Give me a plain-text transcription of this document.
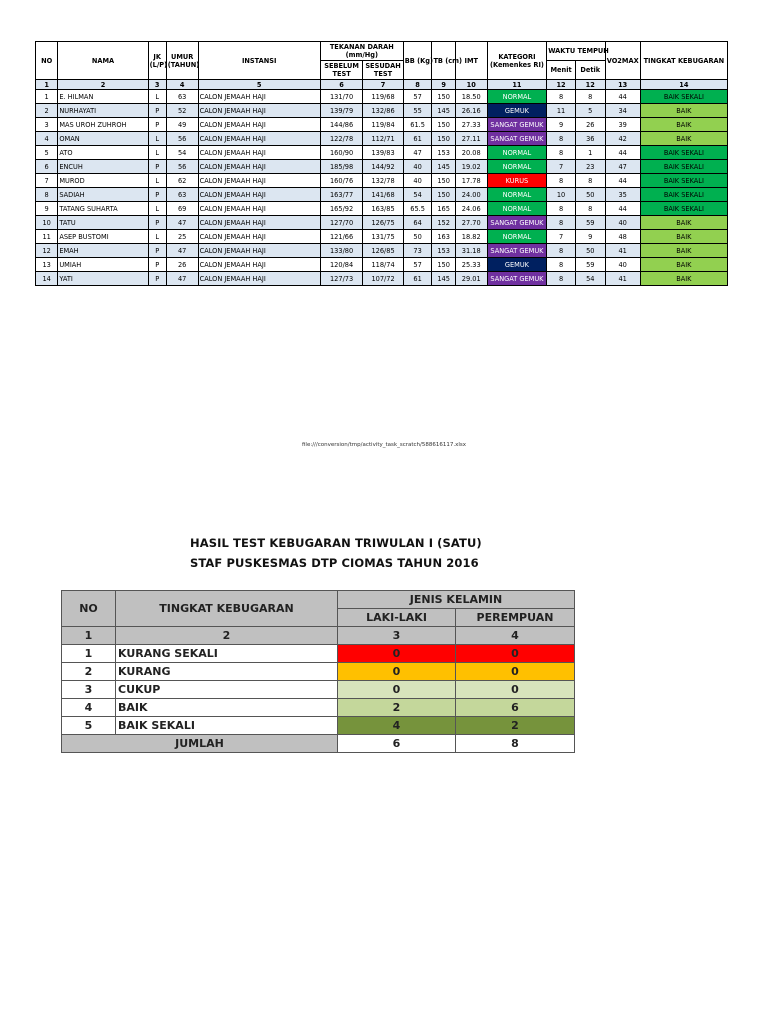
NO	NAMA	JK (L/P)	UMUR (TAHUN)	INSTANSI	TEKANAN DARAH (mm/Hg)		BB (Kg)	TB (cm)	IMT	KATEGORI (Kemenkes RI)	WAKTU TEMPUH		VO2MAX	TINGKAT KEBUGARAN
					SEBELUM TEST	SESUDAH TEST					Menit	Detik		
1	2	3	4	5	6	7	8	9	10	11	12	12	13	14
1	E. HILMAN	L	63	CALON JEMAAH HAJI	131/70	119/68	57	150	18.50	NORMAL	8	8	44	BAIK SEKALI
2	NURHAYATI	P	52	CALON JEMAAH HAJI	139/79	132/86	55	145	26.16	GEMUK	11	5	34	BAIK
3	MAS UROH ZUHROH	P	49	CALON JEMAAH HAJI	144/86	119/84	61.5	150	27.33	SANGAT GEMUK	9	26	39	BAIK
4	OMAN	L	56	CALON JEMAAH HAJI	122/78	112/71	61	150	27.11	SANGAT GEMUK	8	36	42	BAIK
5	ATO	L	54	CALON JEMAAH HAJI	160/90	139/83	47	153	20.08	NORMAL	8	1	44	BAIK SEKALI
6	ENCUH	P	56	CALON JEMAAH HAJI	185/98	144/92	40	145	19.02	NORMAL	7	23	47	BAIK SEKALI
7	MUROD	L	62	CALON JEMAAH HAJI	160/76	132/78	40	150	17.78	KURUS	8	8	44	BAIK SEKALI
8	SADIAH	P	63	CALON JEMAAH HAJI	163/77	141/68	54	150	24.00	NORMAL	10	50	35	BAIK SEKALI
9	TATANG SUHARTA	L	69	CALON JEMAAH HAJI	165/92	163/85	65.5	165	24.06	NORMAL	8	8	44	BAIK SEKALI
10	TATU	P	47	CALON JEMAAH HAJI	127/70	126/75	64	152	27.70	SANGAT GEMUK	8	59	40	BAIK
11	ASEP BUSTOMI	L	25	CALON JEMAAH HAJI	121/66	131/75	50	163	18.82	NORMAL	7	9	48	BAIK
12	EMAH	P	47	CALON JEMAAH HAJI	133/80	126/85	73	153	31.18	SANGAT GEMUK	8	50	41	BAIK
13	UMIAH	P	26	CALON JEMAAH HAJI	120/84	118/74	57	150	25.33	GEMUK	8	59	40	BAIK
14	YATI	P	47	CALON JEMAAH HAJI	127/73	107/72	61	145	29.01	SANGAT GEMUK	8	54	41	BAIK
file:///conversion/tmp/activity_task_scratch/588616117.xlsx
HASIL TEST KEBUGARAN TRIWULAN I (SATU)
STAF PUSKESMAS DTP CIOMAS TAHUN 2016
NO	TINGKAT KEBUGARAN	JENIS KELAMIN	
		LAKI-LAKI	PEREMPUAN
1	2	3	4
1	KURANG SEKALI	0	0
2	KURANG	0	0
3	CUKUP	0	0
4	BAIK	2	6
5	BAIK SEKALI	4	2
JUMLAH		6	8
